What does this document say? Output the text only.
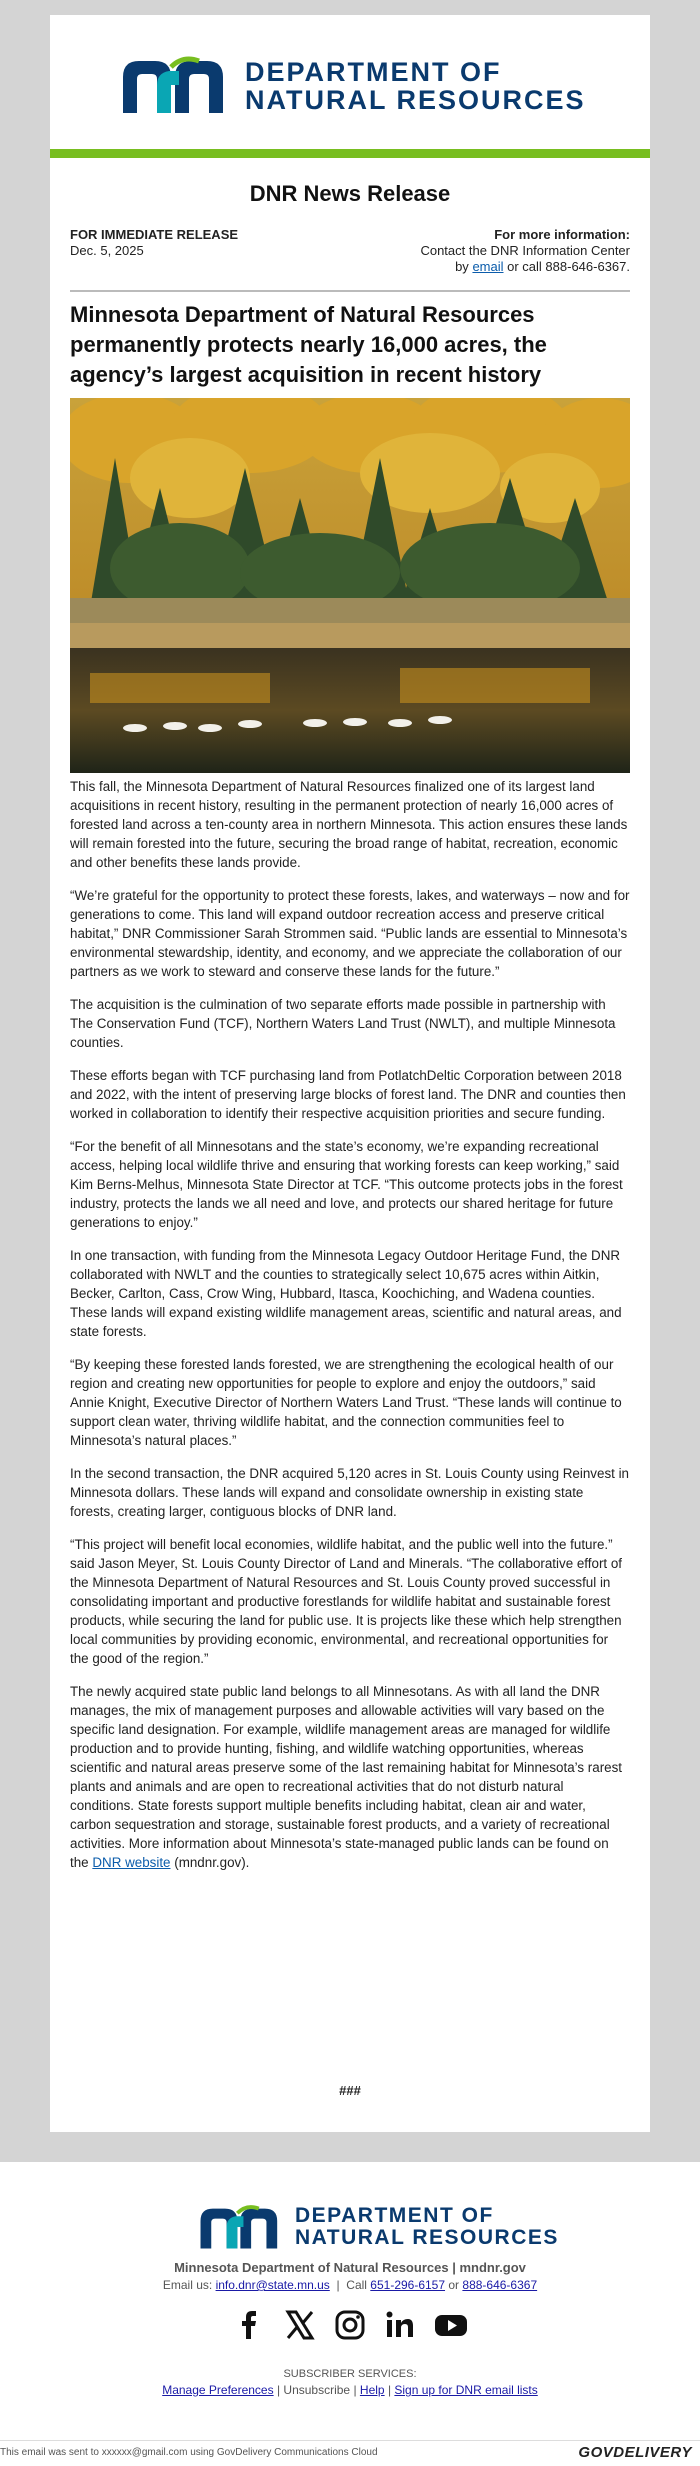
DEPARTMENT OF
NATURAL RESOURCES
DNR News Release
FOR IMMEDIATE RELEASE
Dec. 5, 2025
For more information:
Contact the DNR Information Center
by email or call 888-646-6367.
Minnesota Department of Natural Resources permanently protects nearly 16,000 acres, the agency’s largest acquisition in recent history

This fall, the Minnesota Department of Natural Resources finalized one of its largest land acquisitions in recent history, resulting in the permanent protection of nearly 16,000 acres of forested land across a ten-county area in northern Minnesota. This action ensures these lands will remain forested into the future, securing the broad range of habitat, recreation, economic and other benefits these lands provide.

“We’re grateful for the opportunity to protect these forests, lakes, and waterways – now and for generations to come. This land will expand outdoor recreation access and preserve critical habitat,” DNR Commissioner Sarah Strommen said. “Public lands are essential to Minnesota’s environmental stewardship, identity, and economy, and we appreciate the collaboration of our partners as we work to steward and conserve these lands for the future.”

The acquisition is the culmination of two separate efforts made possible in partnership with The Conservation Fund (TCF), Northern Waters Land Trust (NWLT), and multiple Minnesota counties.

These efforts began with TCF purchasing land from PotlatchDeltic Corporation between 2018 and 2022, with the intent of preserving large blocks of forest land. The DNR and counties then worked in collaboration to identify their respective acquisition priorities and secure funding.

“For the benefit of all Minnesotans and the state’s economy, we’re expanding recreational access, helping local wildlife thrive and ensuring that working forests can keep working,” said Kim Berns-Melhus, Minnesota State Director at TCF. “This outcome protects jobs in the forest industry, protects the lands we all need and love, and protects our shared heritage for future generations to enjoy.”

In one transaction, with funding from the Minnesota Legacy Outdoor Heritage Fund, the DNR collaborated with NWLT and the counties to strategically select 10,675 acres within Aitkin, Becker, Carlton, Cass, Crow Wing, Hubbard, Itasca, Koochiching, and Wadena counties. These lands will expand existing wildlife management areas, scientific and natural areas, and state forests.

“By keeping these forested lands forested, we are strengthening the ecological health of our region and creating new opportunities for people to explore and enjoy the outdoors,” said Annie Knight, Executive Director of Northern Waters Land Trust. “These lands will continue to support clean water, thriving wildlife habitat, and the connection communities feel to Minnesota’s natural places.”

In the second transaction, the DNR acquired 5,120 acres in St. Louis County using Reinvest in Minnesota dollars. These lands will expand and consolidate ownership in existing state forests, creating larger, contiguous blocks of DNR land.

“This project will benefit local economies, wildlife habitat, and the public well into the future.” said Jason Meyer, St. Louis County Director of Land and Minerals. “The collaborative effort of the Minnesota Department of Natural Resources and St. Louis County proved successful in consolidating important and productive forestlands for wildlife habitat and sustainable forest products, while securing the land for public use. It is projects like these which help strengthen local communities by providing economic, environmental, and recreational opportunities for the good of the region.”

The newly acquired state public land belongs to all Minnesotans. As with all land the DNR manages, the mix of management purposes and allowable activities will vary based on the specific land designation. For example, wildlife management areas are managed for wildlife production and to provide hunting, fishing, and wildlife watching opportunities, whereas scientific and natural areas preserve some of the last remaining habitat for Minnesota’s rarest plants and animals and are open to recreational activities that do not disturb natural conditions. State forests support multiple benefits including habitat, clean air and water, carbon sequestration and storage, sustainable forest products, and a variety of recreational activities. More information about Minnesota’s state-managed public lands can be found on the DNR website (mndnr.gov).

###
DEPARTMENT OF
NATURAL RESOURCES
Minnesota Department of Natural Resources | mndnr.gov
Email us: info.dnr@state.mn.us  |  Call 651-296-6157 or 888-646-6367

SUBSCRIBER SERVICES:
Manage Preferences | Unsubscribe | Help | Sign up for DNR email lists
This email was sent to xxxxxx@gmail.com using GovDelivery Communications Cloud	GOVDELIVERY
